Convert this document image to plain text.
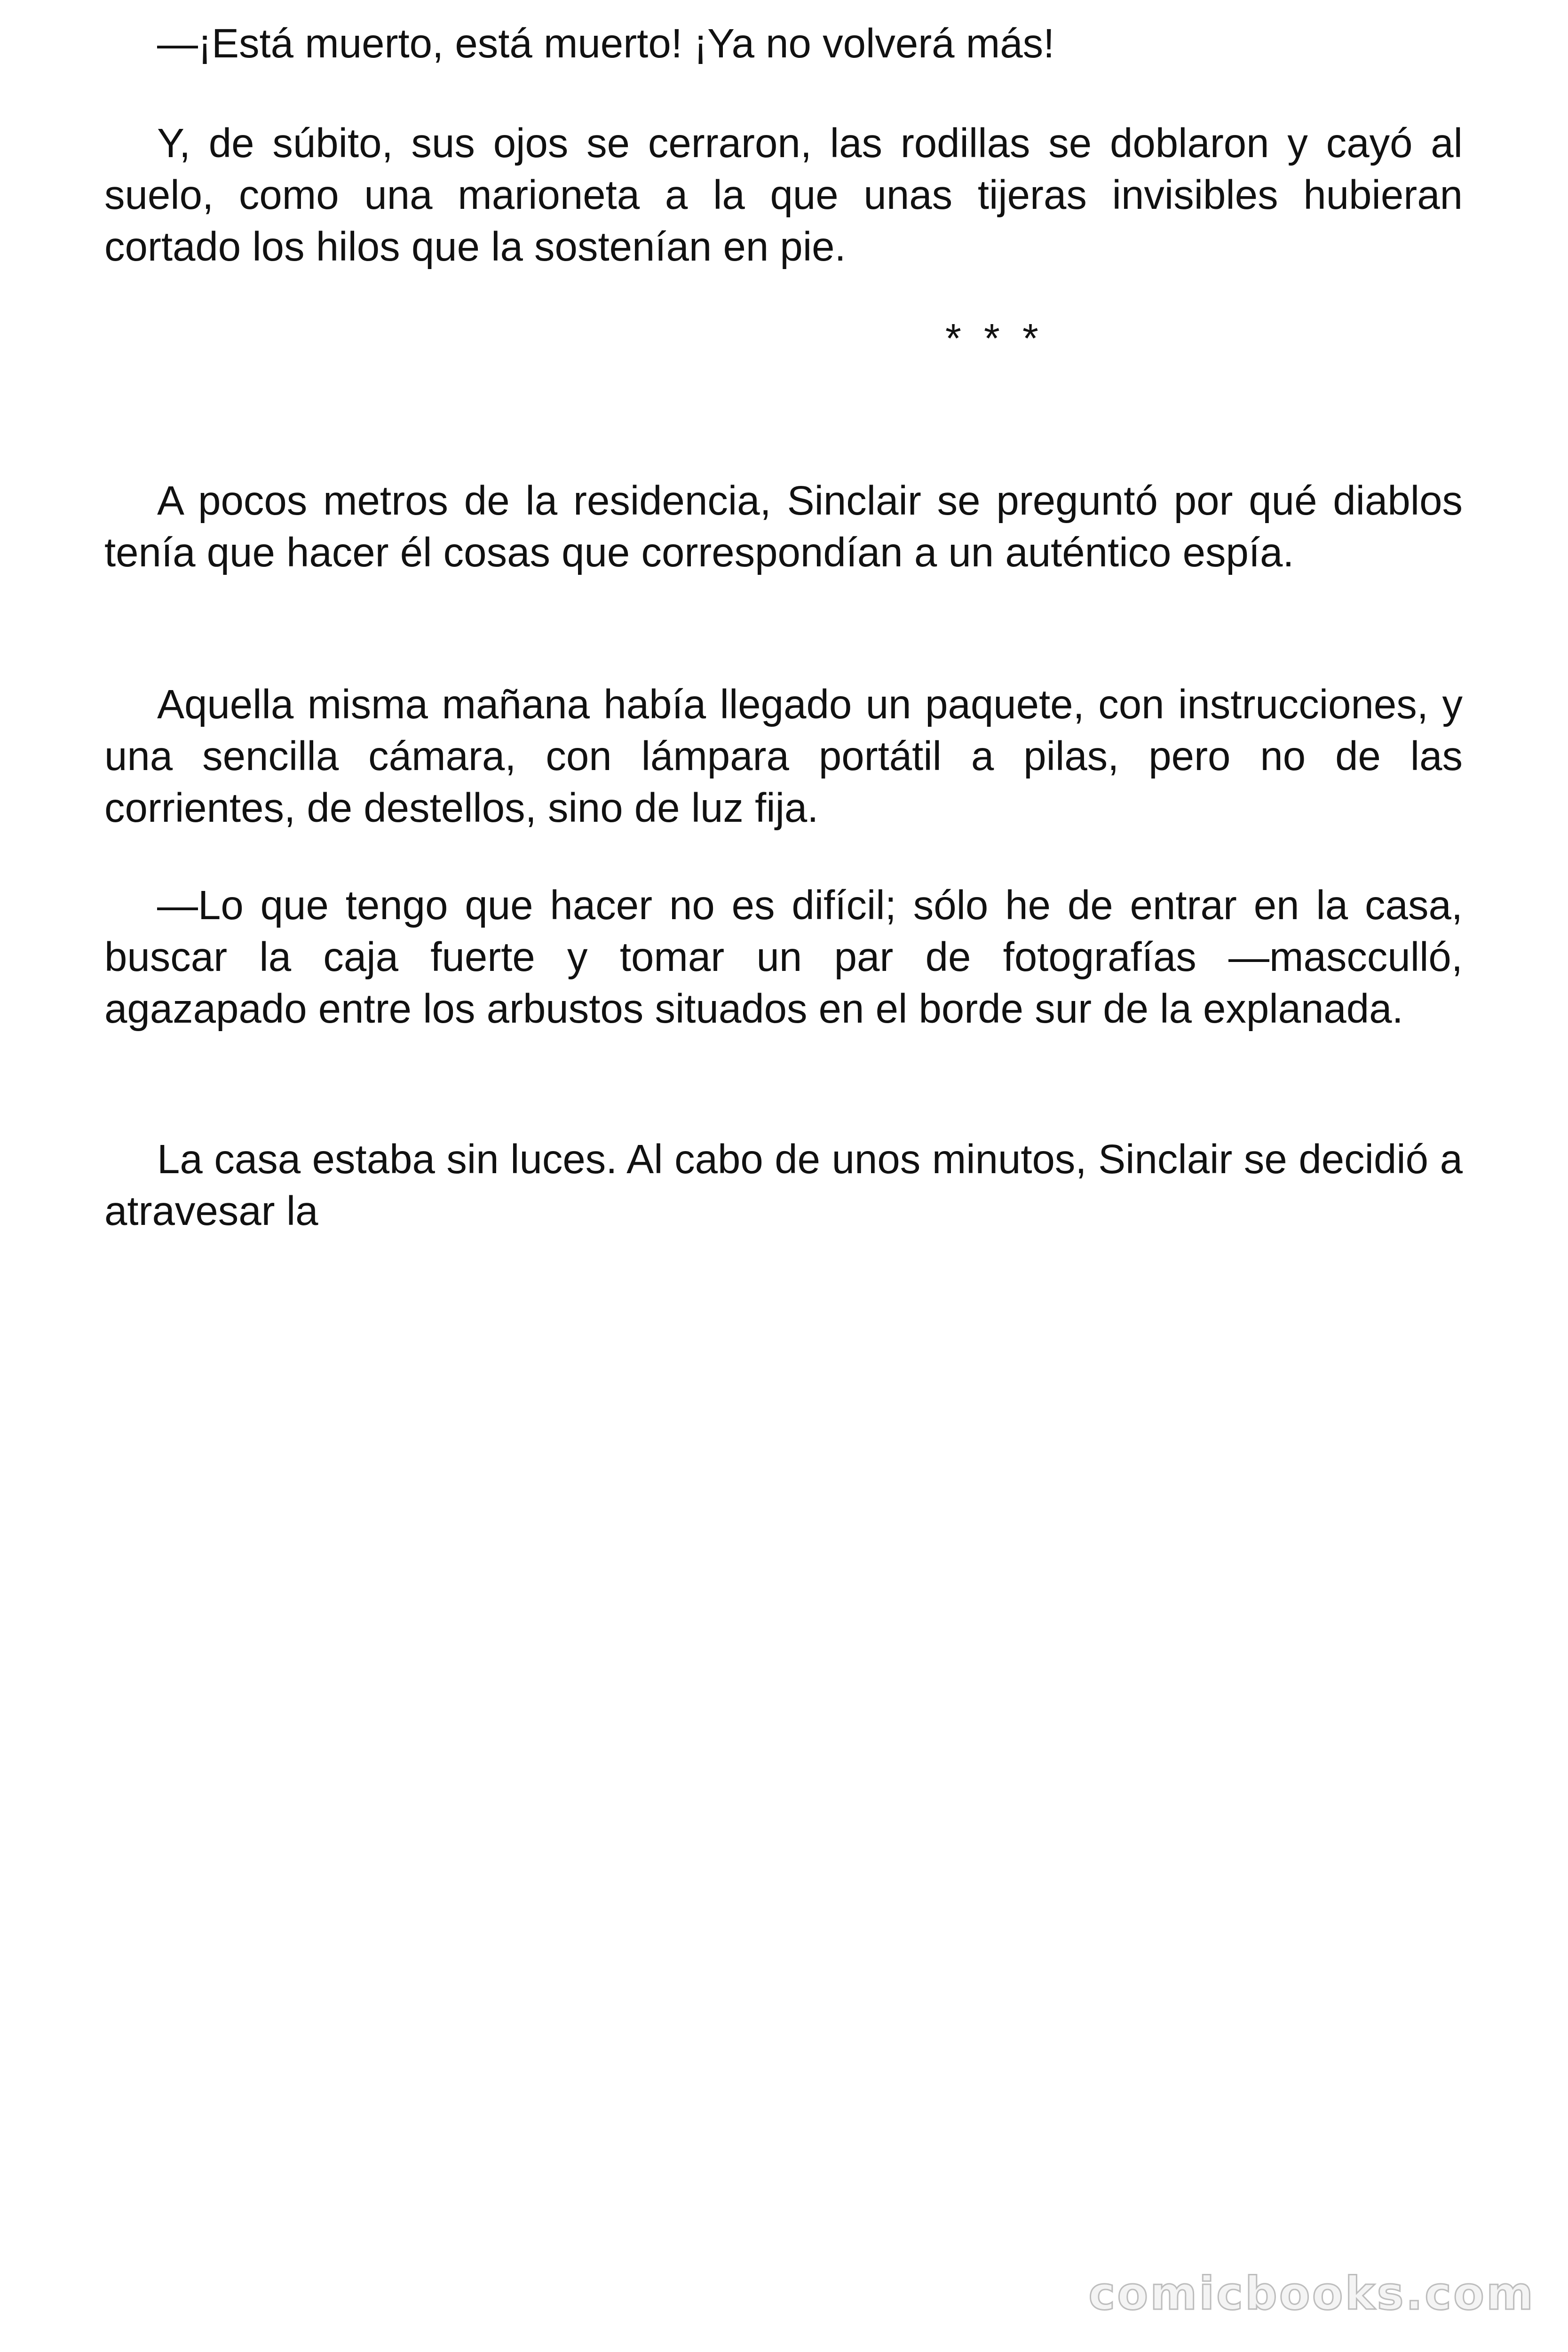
—¡Está muerto, está muerto! ¡Ya no volverá más!

Y, de súbito, sus ojos se cerraron, las rodillas se doblaron y cayó al suelo, como una marioneta a la que unas tijeras invisibles hubieran cortado los hilos que la sostenían en pie.

* * *

A pocos metros de la residencia, Sinclair se preguntó por qué diablos tenía que hacer él cosas que correspondían a un auténtico espía.

Aquella misma mañana había llegado un paquete, con instrucciones, y una sencilla cámara, con lámpara portátil a pilas, pero no de las corrientes, de destellos, sino de luz fija.

—Lo que tengo que hacer no es difícil; sólo he de entrar en la casa, buscar la caja fuerte y tomar un par de fotografías —mascculló, agazapado entre los arbustos situados en el borde sur de la explanada.

La casa estaba sin luces. Al cabo de unos minutos, Sinclair se decidió a atravesar la

comicbooks.com
